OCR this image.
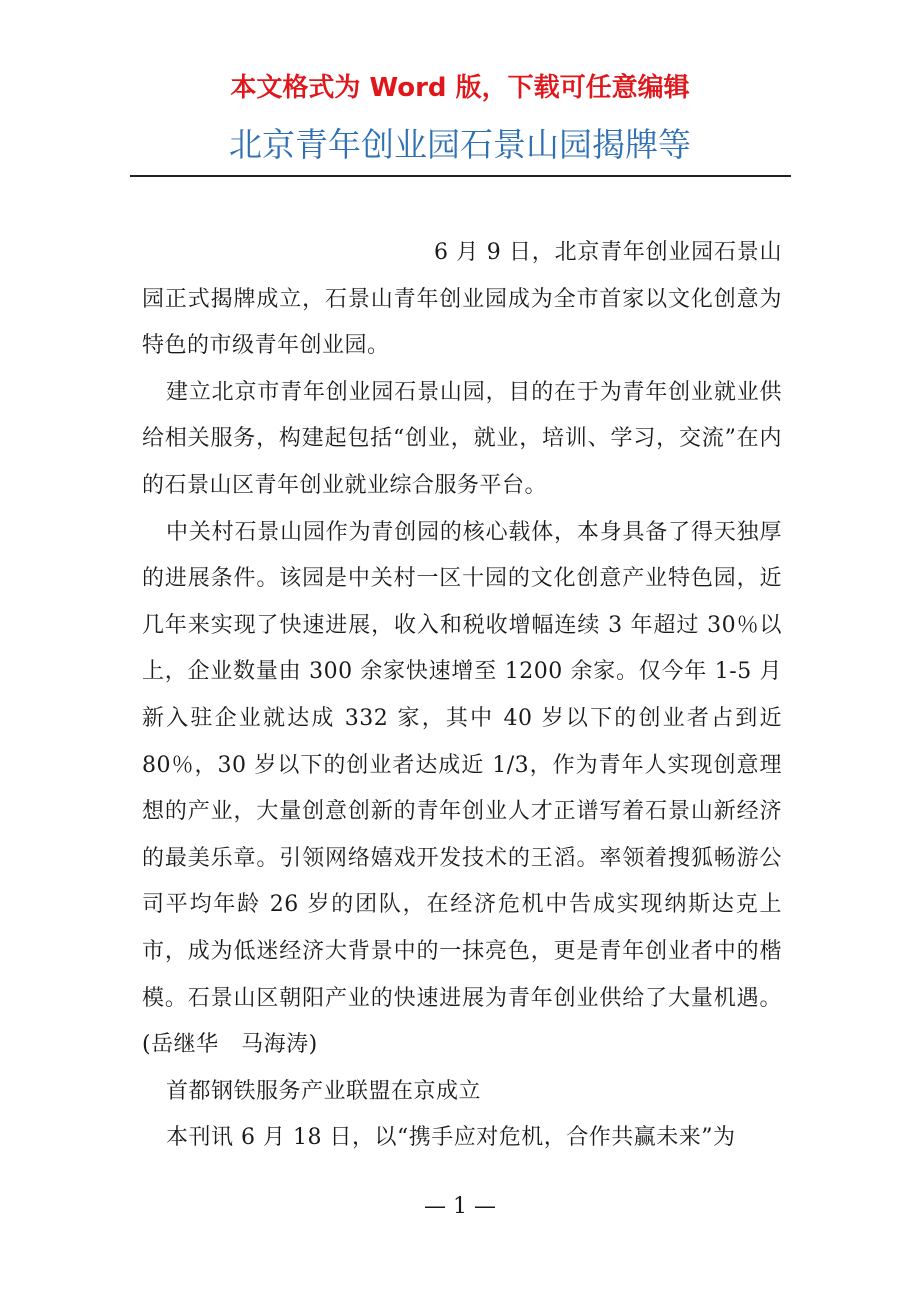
本文格式为 Word 版，下载可任意编辑
北京青年创业园石景山园揭牌等

6 月 9 日，北京青年创业园石景山园正式揭牌成立，石景山青年创业园成为全市首家以文化创意为特色的市级青年创业园。

建立北京市青年创业园石景山园，目的在于为青年创业就业供给相关服务，构建起包括“创业，就业，培训、学习，交流”在内的石景山区青年创业就业综合服务平台。

中关村石景山园作为青创园的核心载体，本身具备了得天独厚的进展条件。该园是中关村一区十园的文化创意产业特色园，近几年来实现了快速进展，收入和税收增幅连续 3 年超过 30％以上，企业数量由 300 余家快速增至 1200 余家。仅今年 1-5 月新入驻企业就达成 332 家，其中 40 岁以下的创业者占到近 80％，30 岁以下的创业者达成近 1/3，作为青年人实现创意理想的产业，大量创意创新的青年创业人才正谱写着石景山新经济的最美乐章。引领网络嬉戏开发技术的王滔。率领着搜狐畅游公司平均年龄 26 岁的团队，在经济危机中告成实现纳斯达克上市，成为低迷经济大背景中的一抹亮色，更是青年创业者中的楷模。石景山区朝阳产业的快速进展为青年创业供给了大量机遇。 (岳继华　马海涛)

首都钢铁服务产业联盟在京成立

本刊讯 6 月 18 日，以“携手应对危机，合作共赢未来”为

— 1 —
